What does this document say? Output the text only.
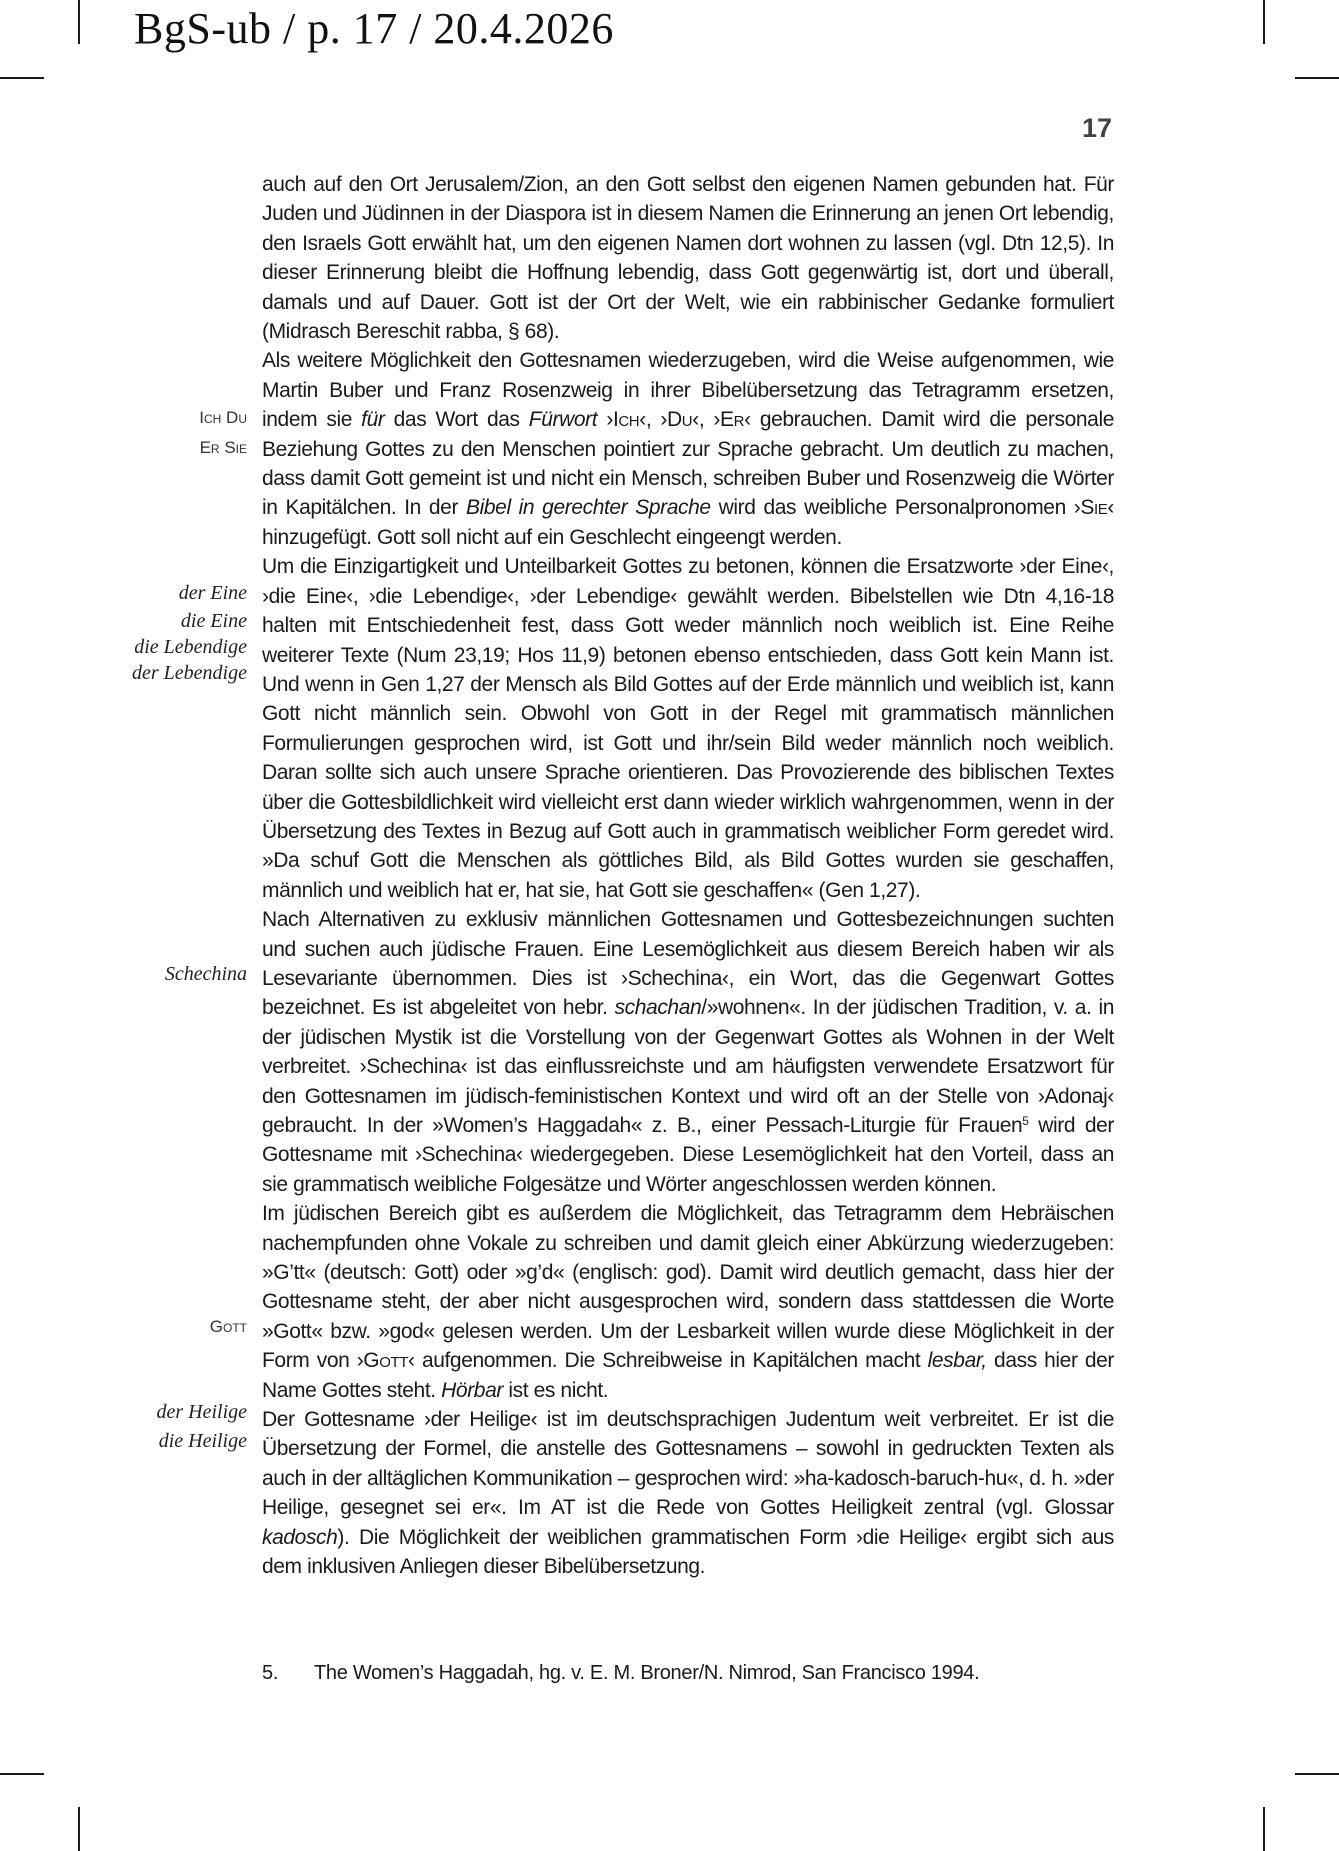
BgS-ub / p. 17 / 20.4.2026
17
Ich Du
Er Sie
der Eine
die Eine
die Lebendige
der Lebendige
Schechina
Gott
der Heilige
die Heilige

auch auf den Ort Jerusalem/Zion, an den Gott selbst den eigenen Namen gebunden hat. Für Juden und Jüdinnen in der Diaspora ist in diesem Namen die Erinnerung an jenen Ort lebendig, den Israels Gott erwählt hat, um den eigenen Namen dort wohnen zu lassen (vgl. Dtn 12,5). In dieser Erinnerung bleibt die Hoffnung lebendig, dass Gott gegenwärtig ist, dort und überall, damals und auf Dauer. Gott ist der Ort der Welt, wie ein rabbinischer Gedanke formuliert (Midrasch Bereschit rabba, § 68).

Als weitere Möglichkeit den Gottesnamen wiederzugeben, wird die Weise aufgenommen, wie Martin Buber und Franz Rosenzweig in ihrer Bibelübersetzung das Tetragramm ersetzen, indem sie für das Wort das Fürwort ›Ich‹, ›Du‹, ›Er‹ gebrauchen. Damit wird die personale Beziehung Gottes zu den Menschen pointiert zur Sprache gebracht. Um deutlich zu machen, dass damit Gott gemeint ist und nicht ein Mensch, schreiben Buber und Rosenzweig die Wörter in Kapitälchen. In der Bibel in gerechter Sprache wird das weibliche Personalpronomen ›Sie‹ hinzugefügt. Gott soll nicht auf ein Geschlecht eingeengt werden.

Um die Einzigartigkeit und Unteilbarkeit Gottes zu betonen, können die Ersatzworte ›der Eine‹, ›die Eine‹, ›die Lebendige‹, ›der Lebendige‹ gewählt werden. Bibelstellen wie Dtn 4,16-18 halten mit Entschiedenheit fest, dass Gott weder männlich noch weiblich ist. Eine Reihe weiterer Texte (Num 23,19; Hos 11,9) betonen ebenso entschieden, dass Gott kein Mann ist. Und wenn in Gen 1,27 der Mensch als Bild Gottes auf der Erde männlich und weiblich ist, kann Gott nicht männlich sein. Obwohl von Gott in der Regel mit grammatisch männlichen Formulierungen gesprochen wird, ist Gott und ihr/sein Bild weder männlich noch weiblich. Daran sollte sich auch unsere Sprache orientieren. Das Provozierende des biblischen Textes über die Gottesbildlichkeit wird vielleicht erst dann wieder wirklich wahrgenommen, wenn in der Übersetzung des Textes in Bezug auf Gott auch in grammatisch weiblicher Form geredet wird. »Da schuf Gott die Menschen als göttliches Bild, als Bild Gottes wurden sie geschaffen, männlich und weiblich hat er, hat sie, hat Gott sie geschaffen« (Gen 1,27).

Nach Alternativen zu exklusiv männlichen Gottesnamen und Gottesbezeichnungen suchten und suchen auch jüdische Frauen. Eine Lesemöglichkeit aus diesem Bereich haben wir als Lesevariante übernommen. Dies ist ›Schechina‹, ein Wort, das die Gegenwart Gottes bezeichnet. Es ist abgeleitet von hebr. schachan/»wohnen«. In der jüdischen Tradition, v. a. in der jüdischen Mystik ist die Vorstellung von der Gegenwart Gottes als Wohnen in der Welt verbreitet. ›Schechina‹ ist das einflussreichste und am häufigsten verwendete Ersatzwort für den Gottesnamen im jüdisch-feministischen Kontext und wird oft an der Stelle von ›Adonaj‹ gebraucht. In der »Women’s Haggadah« z. B., einer Pessach-Liturgie für Frauen$^5$ wird der Gottesname mit ›Schechina‹ wiedergegeben. Diese Lesemöglichkeit hat den Vorteil, dass an sie grammatisch weibliche Folgesätze und Wörter angeschlossen werden können.

Im jüdischen Bereich gibt es außerdem die Möglichkeit, das Tetragramm dem Hebräischen nachempfunden ohne Vokale zu schreiben und damit gleich einer Abkürzung wiederzugeben: »G’tt« (deutsch: Gott) oder »g’d« (englisch: god). Damit wird deutlich gemacht, dass hier der Gottesname steht, der aber nicht ausgesprochen wird, sondern dass stattdessen die Worte »Gott« bzw. »god« gelesen werden. Um der Lesbarkeit willen wurde diese Möglichkeit in der Form von ›Gott‹ aufgenommen. Die Schreibweise in Kapitälchen macht lesbar, dass hier der Name Gottes steht. Hörbar ist es nicht.

Der Gottesname ›der Heilige‹ ist im deutschsprachigen Judentum weit verbreitet. Er ist die Übersetzung der Formel, die anstelle des Gottesnamens – sowohl in gedruckten Texten als auch in der alltäglichen Kommunikation – gesprochen wird: »ha-kadosch-baruch-hu«, d. h. »der Heilige, gesegnet sei er«. Im AT ist die Rede von Gottes Heiligkeit zentral (vgl. Glossar kadosch). Die Möglichkeit der weiblichen grammatischen Form ›die Heilige‹ ergibt sich aus dem inklusiven Anliegen dieser Bibelübersetzung.

5. The Women’s Haggadah, hg. v. E. M. Broner/N. Nimrod, San Francisco 1994.
